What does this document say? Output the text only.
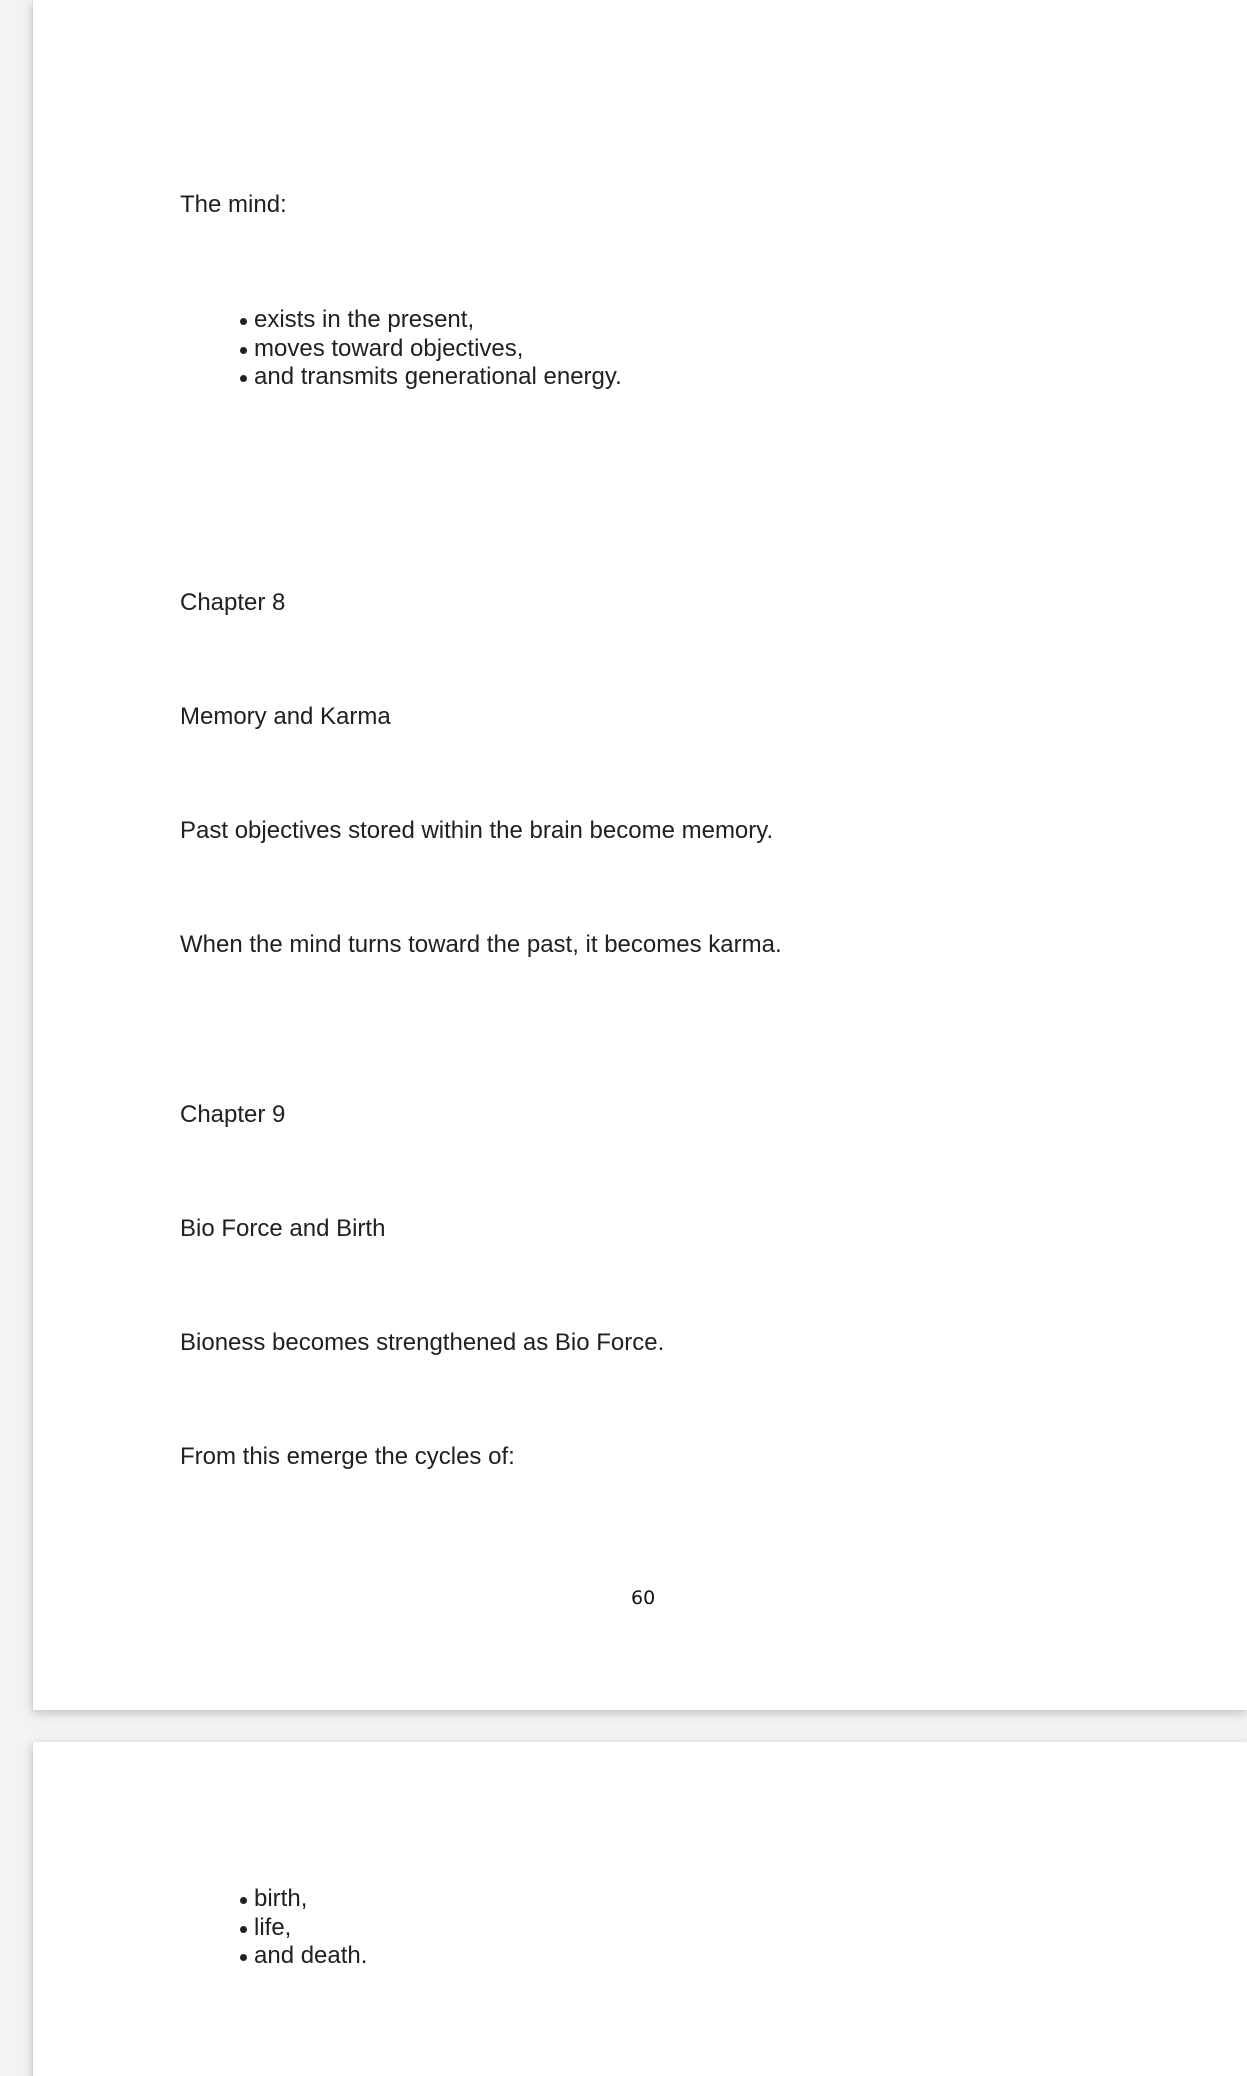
The mind:

exists in the present,
moves toward objectives,
and transmits generational energy.

Chapter 8

Memory and Karma

Past objectives stored within the brain become memory.

When the mind turns toward the past, it becomes karma.

Chapter 9

Bio Force and Birth

Bioness becomes strengthened as Bio Force.

From this emerge the cycles of:

60
birth,
life,
and death.
